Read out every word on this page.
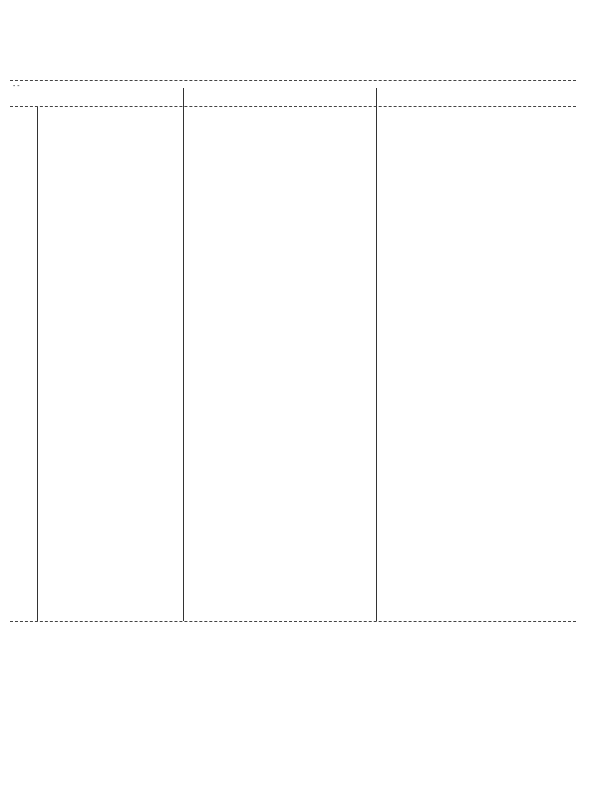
--
